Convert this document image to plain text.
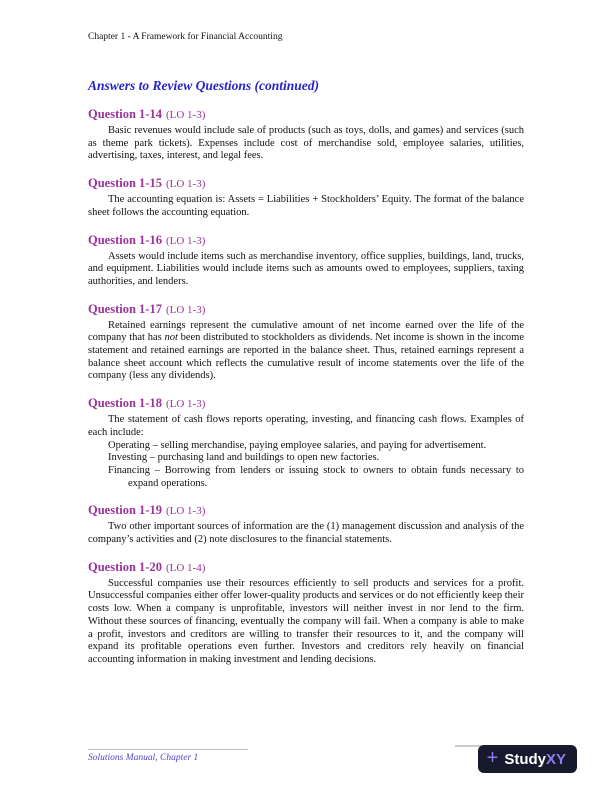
Chapter 1 - A Framework for Financial Accounting
Answers to Review Questions (continued)
Question 1-14 (LO 1-3)

Basic revenues would include sale of products (such as toys, dolls, and games) and services (such as theme park tickets). Expenses include cost of merchandise sold, employee salaries, utilities, advertising, taxes, interest, and legal fees.

Question 1-15 (LO 1-3)

The accounting equation is: Assets = Liabilities + Stockholders’ Equity. The format of the balance sheet follows the accounting equation.

Question 1-16 (LO 1-3)

Assets would include items such as merchandise inventory, office supplies, buildings, land, trucks, and equipment. Liabilities would include items such as amounts owed to employees, suppliers, taxing authorities, and lenders.

Question 1-17 (LO 1-3)

Retained earnings represent the cumulative amount of net income earned over the life of the company that has not been distributed to stockholders as dividends. Net income is shown in the income statement and retained earnings are reported in the balance sheet. Thus, retained earnings represent a balance sheet account which reflects the cumulative result of income statements over the life of the company (less any dividends).

Question 1-18 (LO 1-3)

The statement of cash flows reports operating, investing, and financing cash flows. Examples of each include:

Operating – selling merchandise, paying employee salaries, and paying for advertisement.

Investing – purchasing land and buildings to open new factories.

Financing – Borrowing from lenders or issuing stock to owners to obtain funds necessary to expand operations.

Question 1-19 (LO 1-3)

Two other important sources of information are the (1) management discussion and analysis of the company’s activities and (2) note disclosures to the financial statements.

Question 1-20 (LO 1-4)

Successful companies use their resources efficiently to sell products and services for a profit. Unsuccessful companies either offer lower-quality products and services or do not efficiently keep their costs low. When a company is unprofitable, investors will neither invest in nor lend to the firm. Without these sources of financing, eventually the company will fail. When a company is able to make a profit, investors and creditors are willing to transfer their resources to it, and the company will expand its profitable operations even further. Investors and creditors rely heavily on financial accounting information in making investment and lending decisions.

Solutions Manual, Chapter 1	+ Study XY
